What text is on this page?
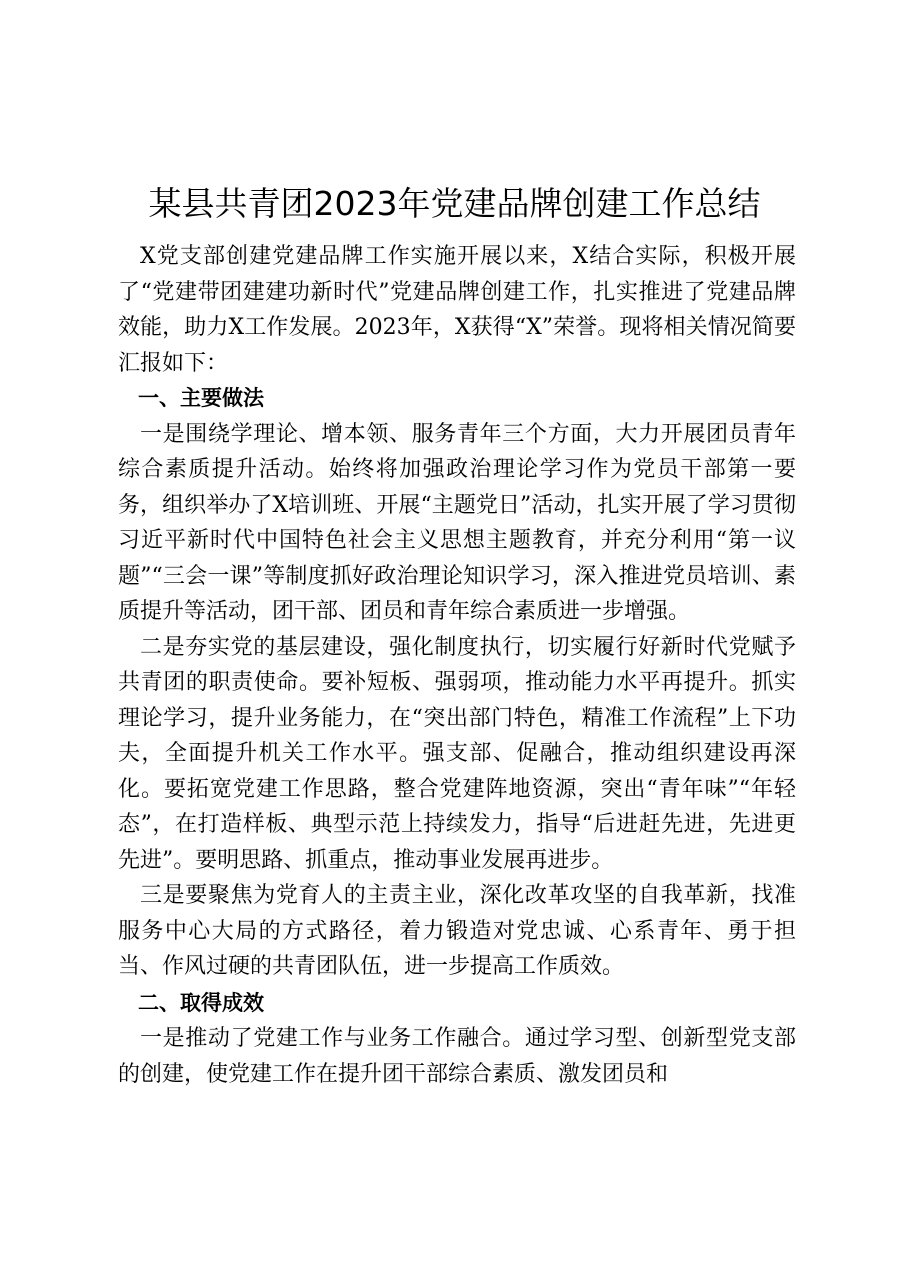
某县共青团2023年党建品牌创建工作总结

X党支部创建党建品牌工作实施开展以来，X结合实际，积极开展了“党建带团建建功新时代”党建品牌创建工作，扎实推进了党建品牌效能，助力X工作发展。2023年，X获得“X”荣誉。现将相关情况简要汇报如下：

一、主要做法

一是围绕学理论、增本领、服务青年三个方面，大力开展团员青年综合素质提升活动。始终将加强政治理论学习作为党员干部第一要务，组织举办了X培训班、开展“主题党日”活动，扎实开展了学习贯彻习近平新时代中国特色社会主义思想主题教育，并充分利用“第一议题”“三会一课”等制度抓好政治理论知识学习，深入推进党员培训、素质提升等活动，团干部、团员和青年综合素质进一步增强。

二是夯实党的基层建设，强化制度执行，切实履行好新时代党赋予共青团的职责使命。要补短板、强弱项，推动能力水平再提升。抓实理论学习，提升业务能力，在“突出部门特色，精准工作流程”上下功夫，全面提升机关工作水平。强支部、促融合，推动组织建设再深化。要拓宽党建工作思路，整合党建阵地资源，突出“青年味”“年轻态”，在打造样板、典型示范上持续发力，指导“后进赶先进，先进更先进”。要明思路、抓重点，推动事业发展再进步。

三是要聚焦为党育人的主责主业，深化改革攻坚的自我革新，找准服务中心大局的方式路径，着力锻造对党忠诚、心系青年、勇于担当、作风过硬的共青团队伍，进一步提高工作质效。

二、取得成效

一是推动了党建工作与业务工作融合。通过学习型、创新型党支部的创建，使党建工作在提升团干部综合素质、激发团员和
